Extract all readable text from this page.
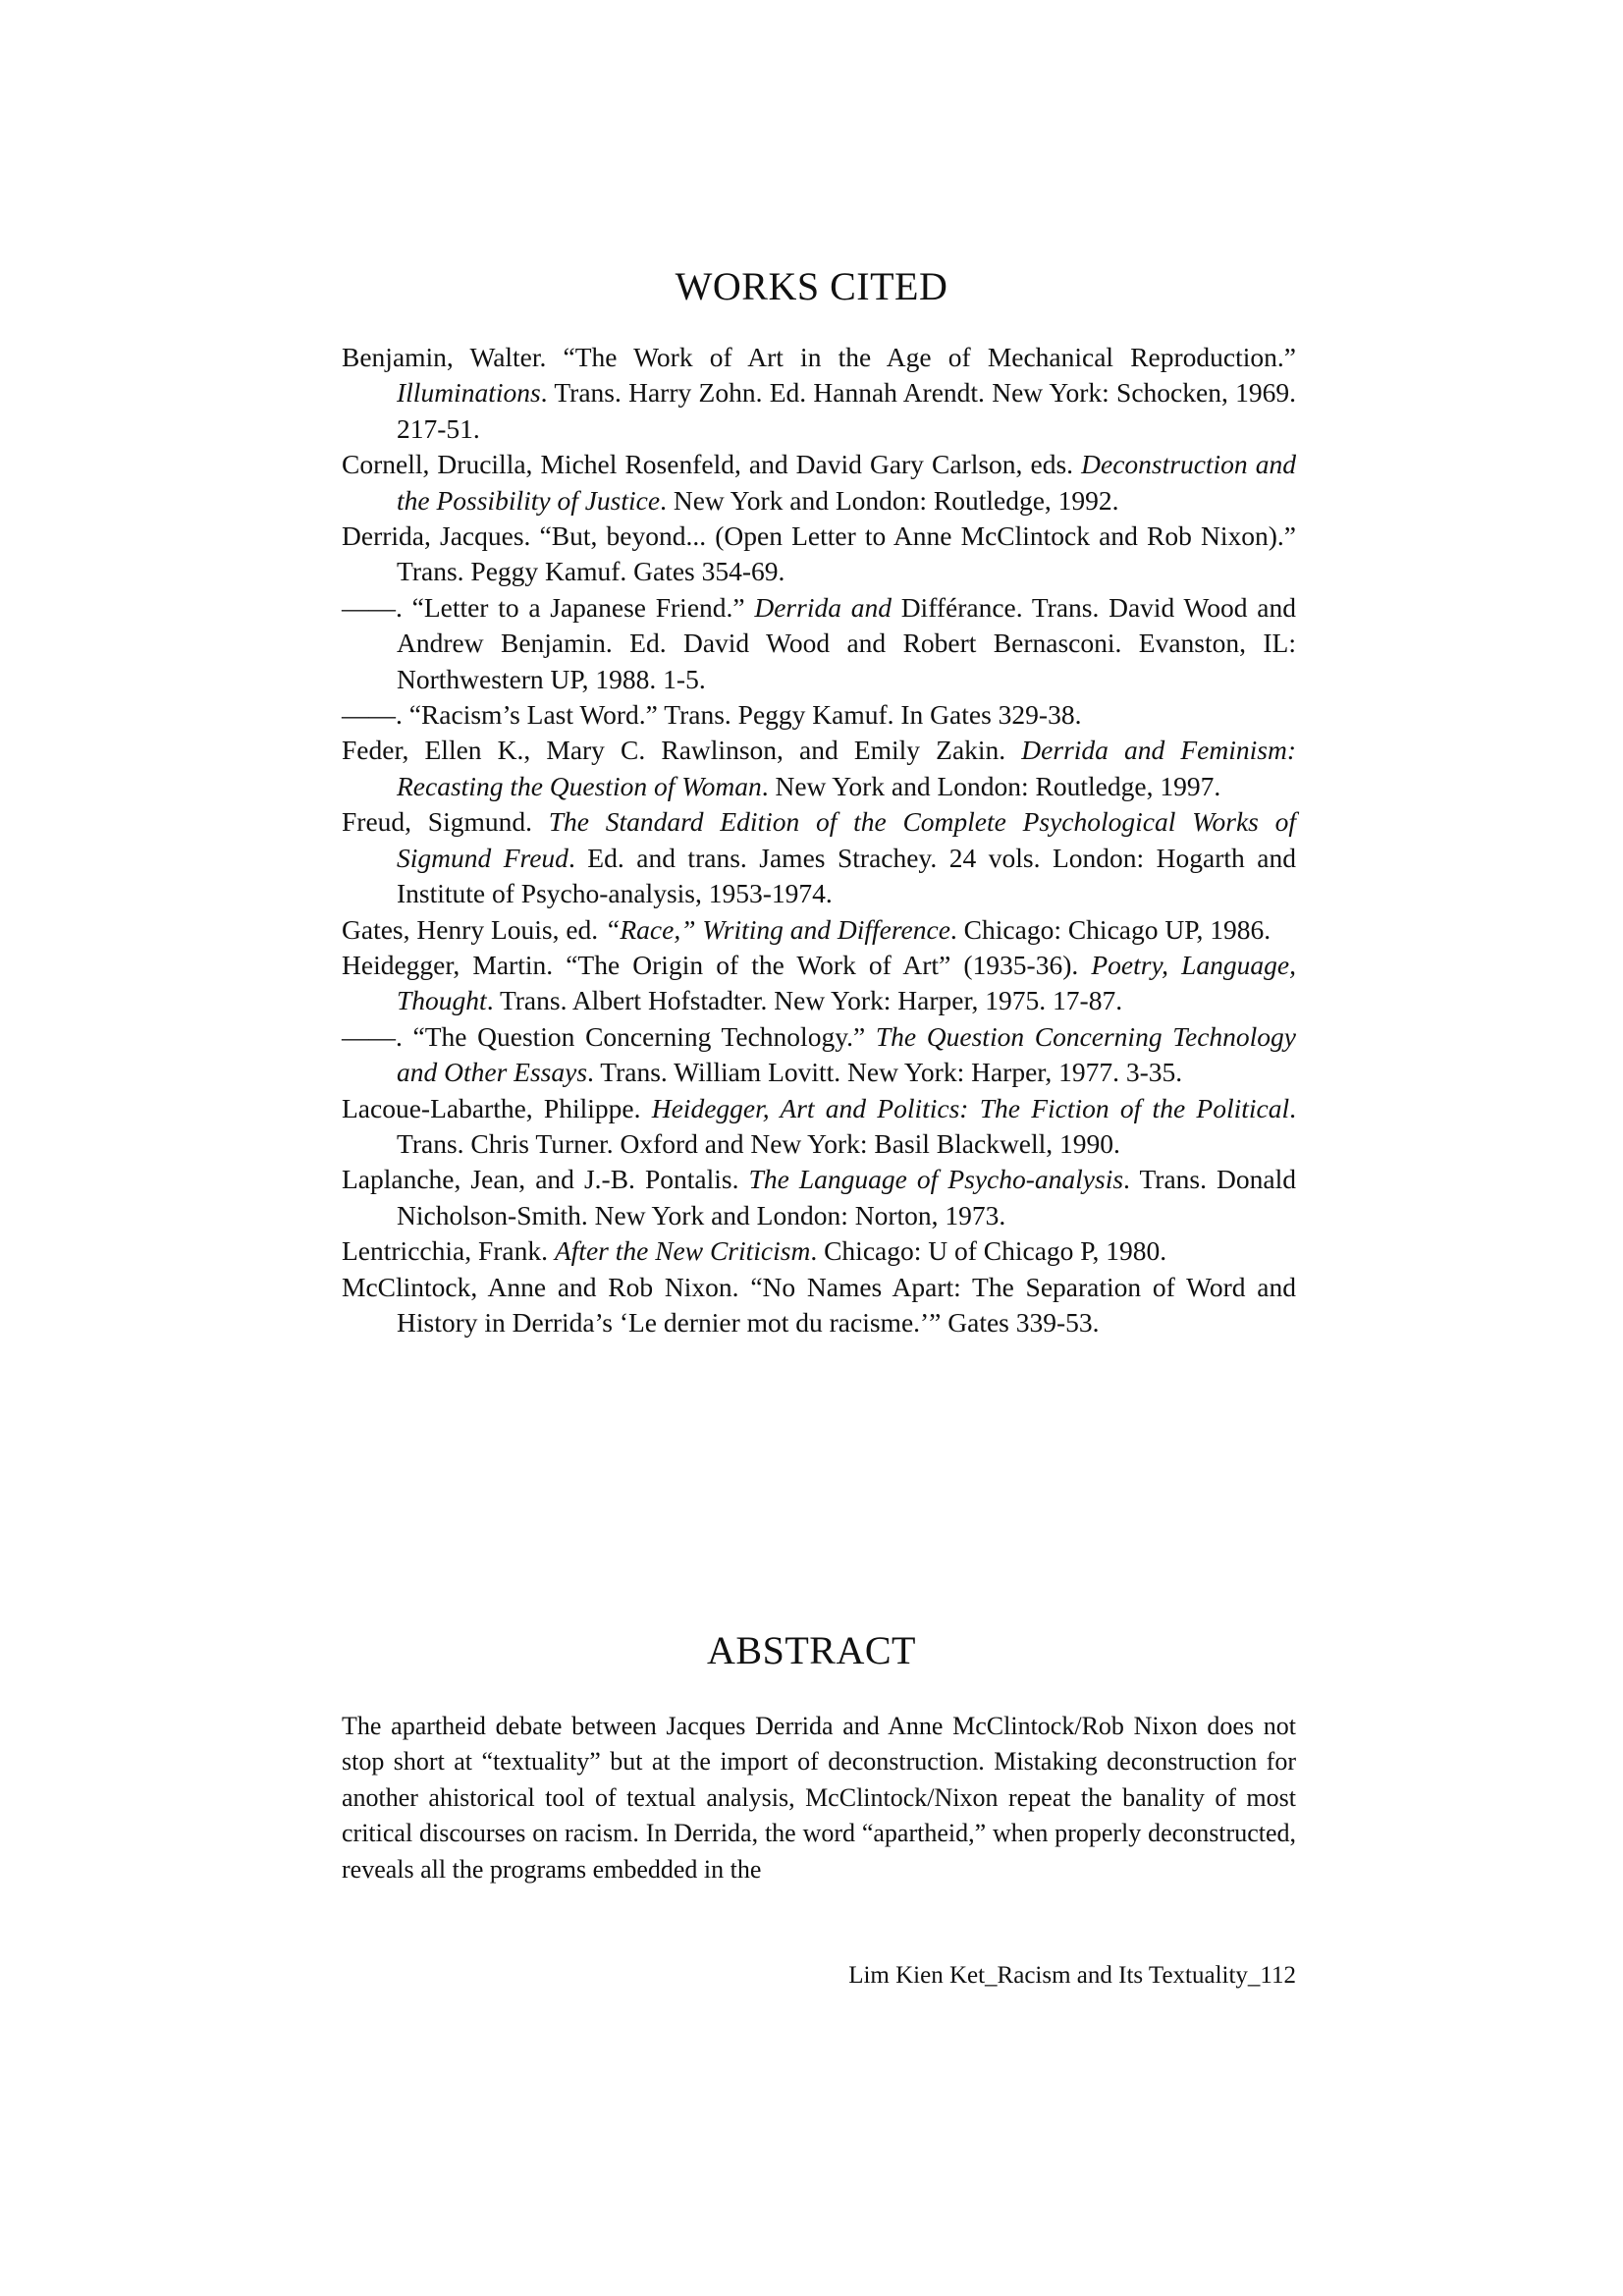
WORKS CITED

Benjamin, Walter. “The Work of Art in the Age of Mechanical Reproduction.” Illuminations. Trans. Harry Zohn. Ed. Hannah Arendt. New York: Schocken, 1969. 217-51.

Cornell, Drucilla, Michel Rosenfeld, and David Gary Carlson, eds. Deconstruction and the Possibility of Justice. New York and London: Routledge, 1992.

Derrida, Jacques. “But, beyond... (Open Letter to Anne McClintock and Rob Nixon).” Trans. Peggy Kamuf. Gates 354-69.

——. “Letter to a Japanese Friend.” Derrida and Différance. Trans. David Wood and Andrew Benjamin. Ed. David Wood and Robert Bernasconi. Evanston, IL: Northwestern UP, 1988. 1-5.

——. “Racism’s Last Word.” Trans. Peggy Kamuf. In Gates 329-38.

Feder, Ellen K., Mary C. Rawlinson, and Emily Zakin. Derrida and Feminism: Recasting the Question of Woman. New York and London: Routledge, 1997.

Freud, Sigmund. The Standard Edition of the Complete Psychological Works of Sigmund Freud. Ed. and trans. James Strachey. 24 vols. London: Hogarth and Institute of Psycho-analysis, 1953-1974.

Gates, Henry Louis, ed. “Race,” Writing and Difference. Chicago: Chicago UP, 1986.

Heidegger, Martin. “The Origin of the Work of Art” (1935-36). Poetry, Language, Thought. Trans. Albert Hofstadter. New York: Harper, 1975. 17-87.

——. “The Question Concerning Technology.” The Question Concerning Technology and Other Essays. Trans. William Lovitt. New York: Harper, 1977. 3-35.

Lacoue-Labarthe, Philippe. Heidegger, Art and Politics: The Fiction of the Political. Trans. Chris Turner. Oxford and New York: Basil Blackwell, 1990.

Laplanche, Jean, and J.-B. Pontalis. The Language of Psycho-analysis. Trans. Donald Nicholson-Smith. New York and London: Norton, 1973.

Lentricchia, Frank. After the New Criticism. Chicago: U of Chicago P, 1980.

McClintock, Anne and Rob Nixon. “No Names Apart: The Separation of Word and History in Derrida’s ‘Le dernier mot du racisme.’” Gates 339-53.

ABSTRACT

The apartheid debate between Jacques Derrida and Anne McClintock/Rob Nixon does not stop short at “textuality” but at the import of deconstruction. Mistaking deconstruction for another ahistorical tool of textual analysis, McClintock/Nixon repeat the banality of most critical discourses on racism. In Derrida, the word “apartheid,” when properly deconstructed, reveals all the programs embedded in the

Lim Kien Ket_Racism and Its Textuality_112
